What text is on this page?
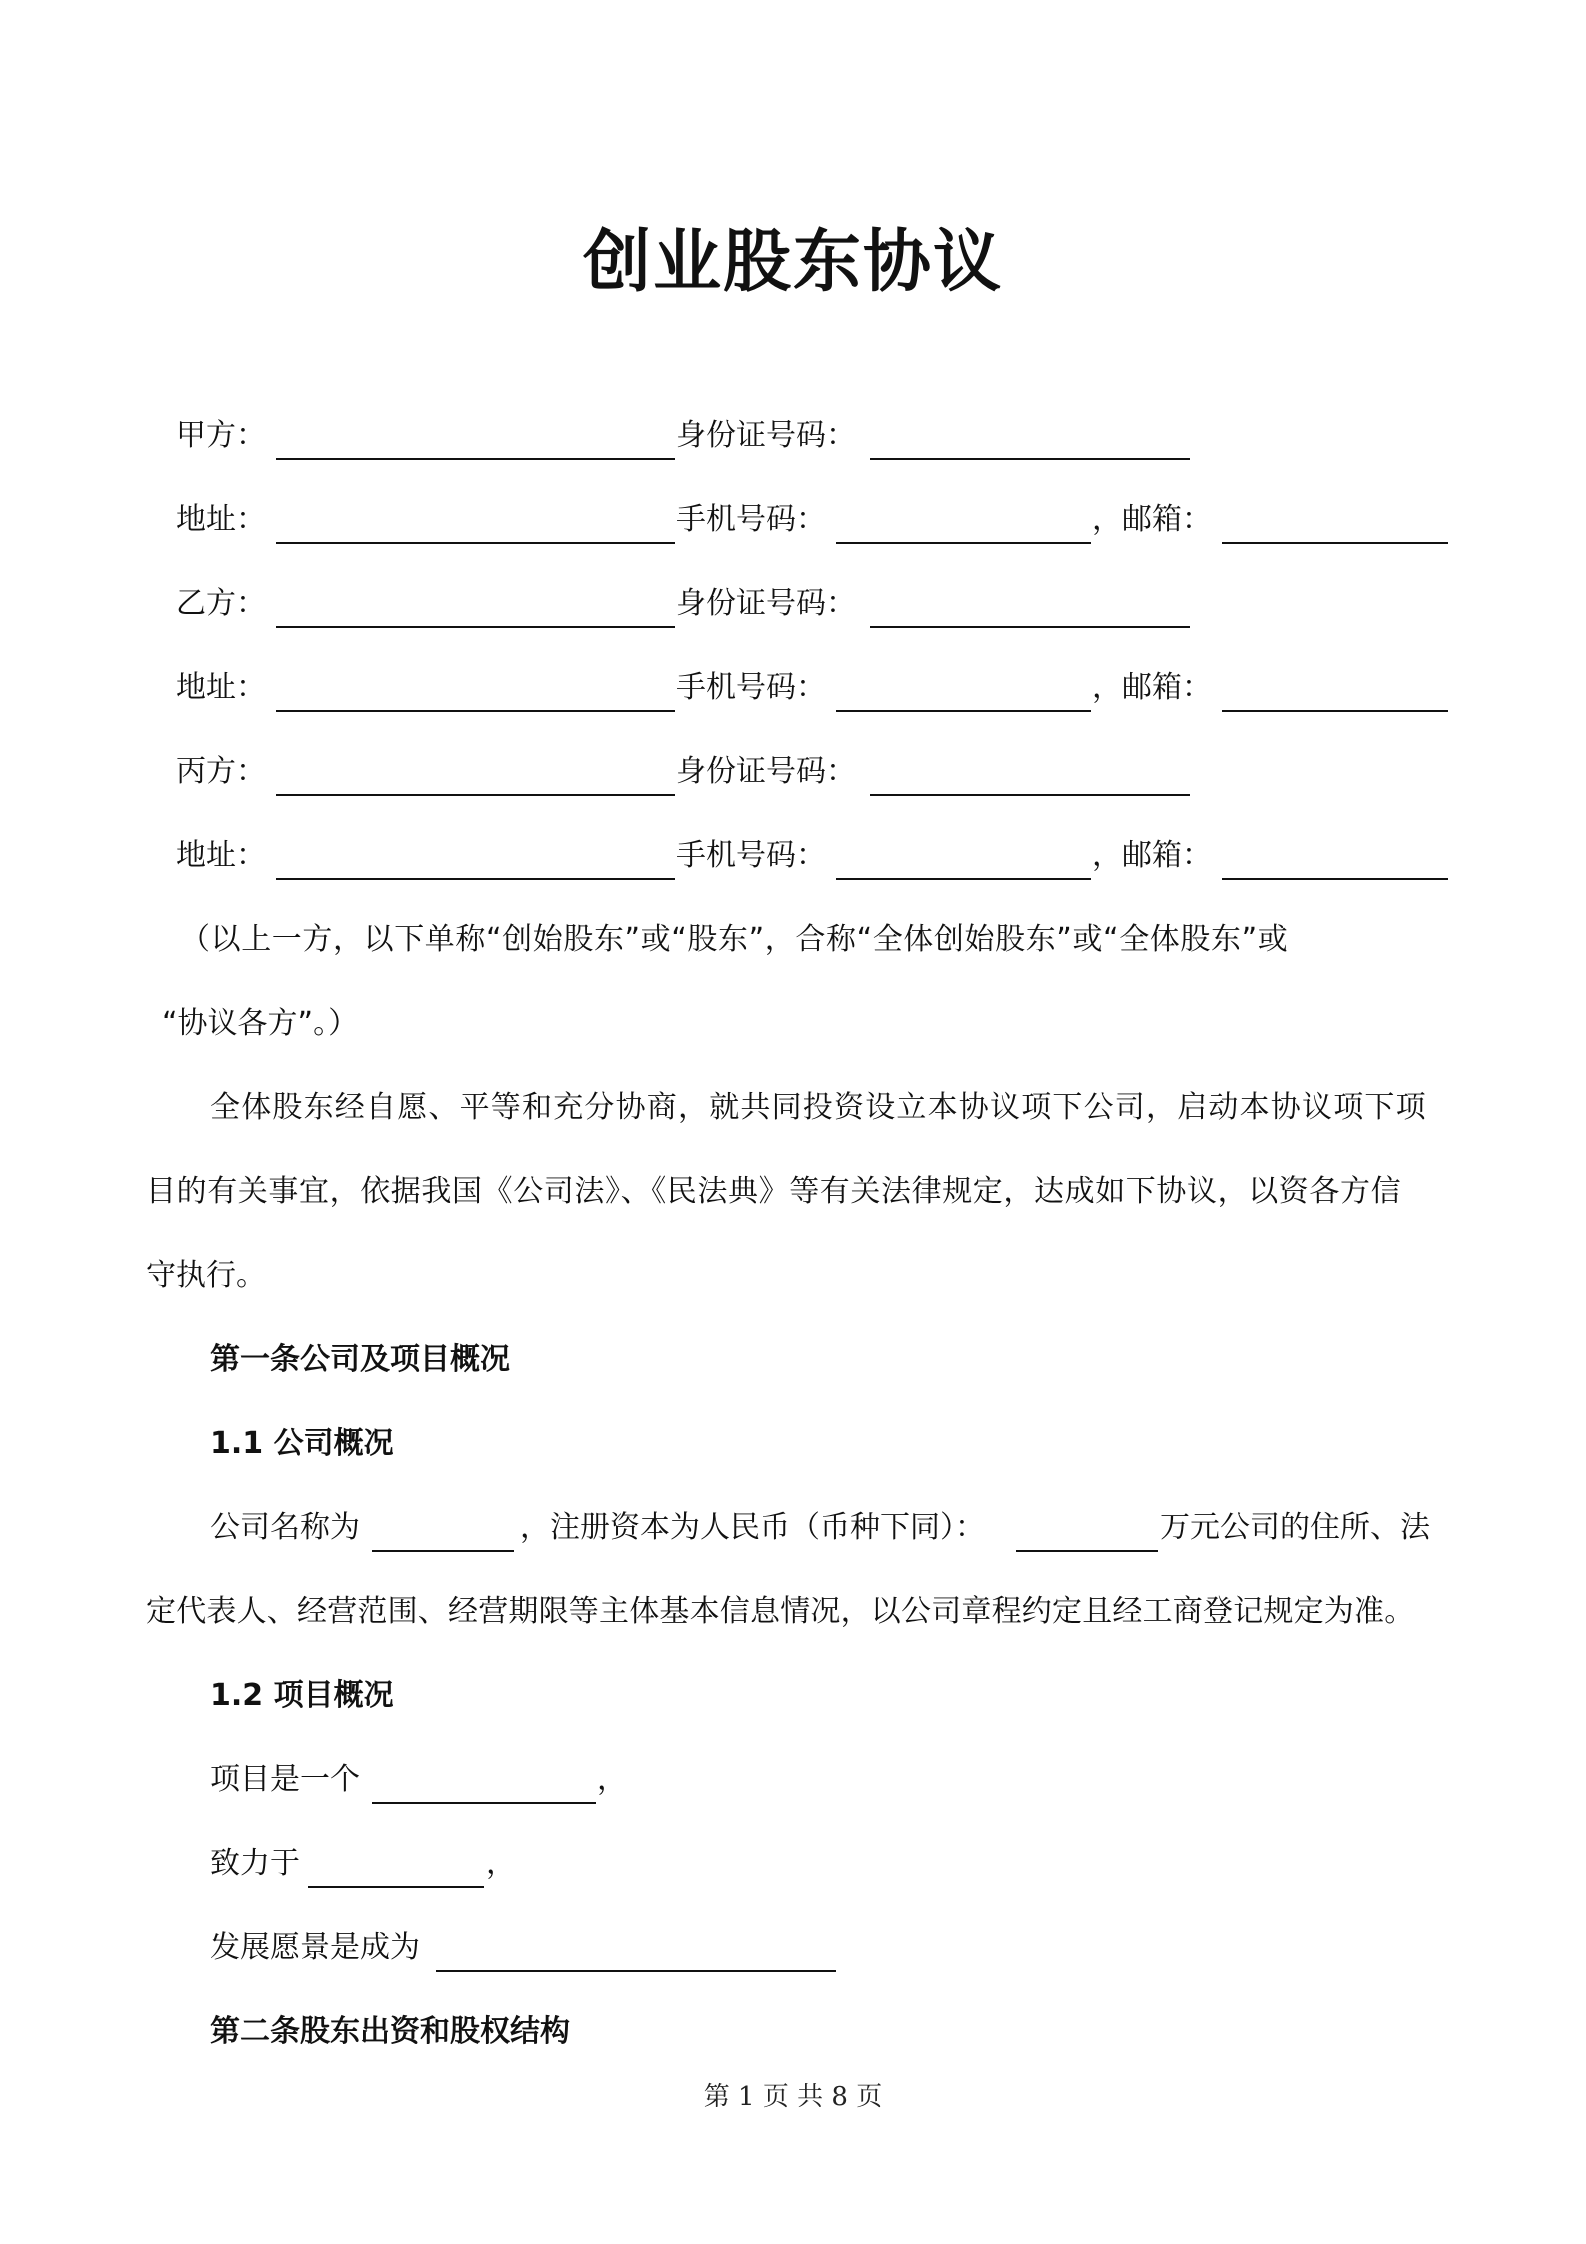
创业股东协议
甲方：	身份证号码：
地址：	手机号码：	，邮箱：
乙方：	身份证号码：
地址：	手机号码：	，邮箱：
丙方：	身份证号码：
地址：	手机号码：	，邮箱：
（以上一方，以下单称“创始股东”或“股东”，合称“全体创始股东”或“全体股东”或
“协议各方”。）
全体股东经自愿、平等和充分协商，就共同投资设立本协议项下公司，启动本协议项下项
目的有关事宜，依据我国《公司法》、《民法典》等有关法律规定，达成如下协议，以资各方信
守执行。
第一条公司及项目概况
1.1 公司概况
公司名称为	，注册资本为人民币（币种下同）：	万元公司的住所、法
定代表人、经营范围、经营期限等主体基本信息情况，以公司章程约定且经工商登记规定为准。
1.2 项目概况
项目是一个	，
致力于	，
发展愿景是成为
第二条股东出资和股权结构
第 1 页 共 8 页
